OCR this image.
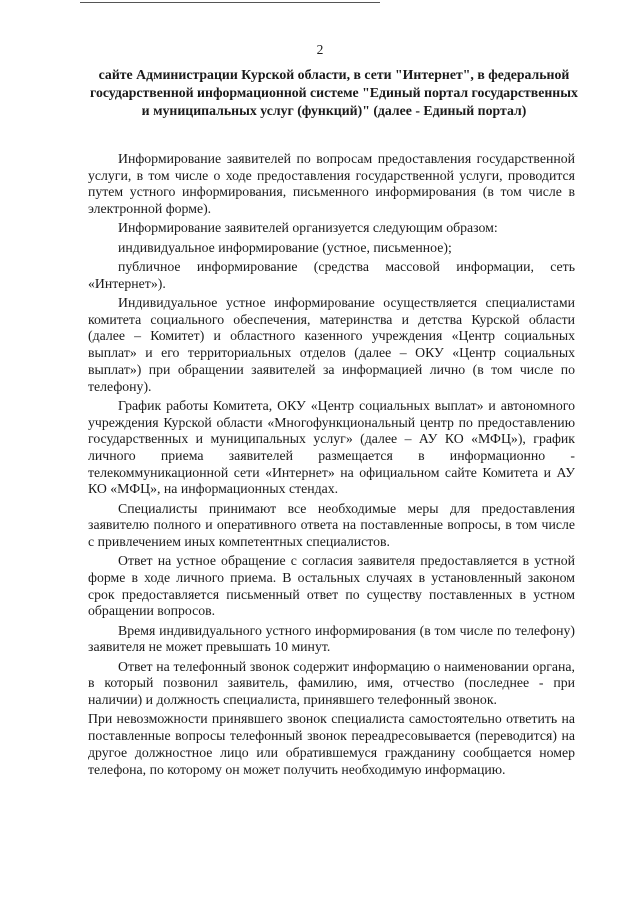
2

сайте Администрации Курской области, в сети "Интернет", в федеральной государственной информационной системе "Единый портал государственных и муниципальных услуг (функций)" (далее - Единый портал)

Информирование заявителей по вопросам предоставления государственной услуги, в том числе о ходе предоставления государственной услуги, проводится путем устного информирования, письменного информирования (в том числе в электронной форме).

Информирование заявителей организуется следующим образом:

индивидуальное информирование (устное, письменное);

публичное информирование (средства массовой информации, сеть «Интернет»).

Индивидуальное устное информирование осуществляется специалистами комитета социального обеспечения, материнства и детства Курской области (далее – Комитет) и областного казенного учреждения «Центр социальных выплат» и его территориальных отделов (далее – ОКУ «Центр социальных выплат») при обращении заявителей за информацией лично (в том числе по телефону).

График работы Комитета, ОКУ «Центр социальных выплат» и автономного учреждения Курской области «Многофункциональный центр по предоставлению государственных и муниципальных услуг» (далее – АУ КО «МФЦ»), график личного приема заявителей размещается в информационно - телекоммуникационной сети «Интернет» на официальном сайте Комитета и АУ КО «МФЦ», на информационных стендах.

Специалисты принимают все необходимые меры для предоставления заявителю полного и оперативного ответа на поставленные вопросы, в том числе с привлечением иных компетентных специалистов.

Ответ на устное обращение с согласия заявителя предоставляется в устной форме в ходе личного приема. В остальных случаях в установленный законом срок предоставляется письменный ответ по существу поставленных в устном обращении вопросов.

Время индивидуального устного информирования (в том числе по телефону) заявителя не может превышать 10 минут.

Ответ на телефонный звонок содержит информацию о наименовании органа, в который позвонил заявитель, фамилию, имя, отчество (последнее - при наличии) и должность специалиста, принявшего телефонный звонок.

При невозможности принявшего звонок специалиста самостоятельно ответить на поставленные вопросы телефонный звонок переадресовывается (переводится) на другое должностное лицо или обратившемуся гражданину сообщается номер телефона, по которому он может получить необходимую информацию.
